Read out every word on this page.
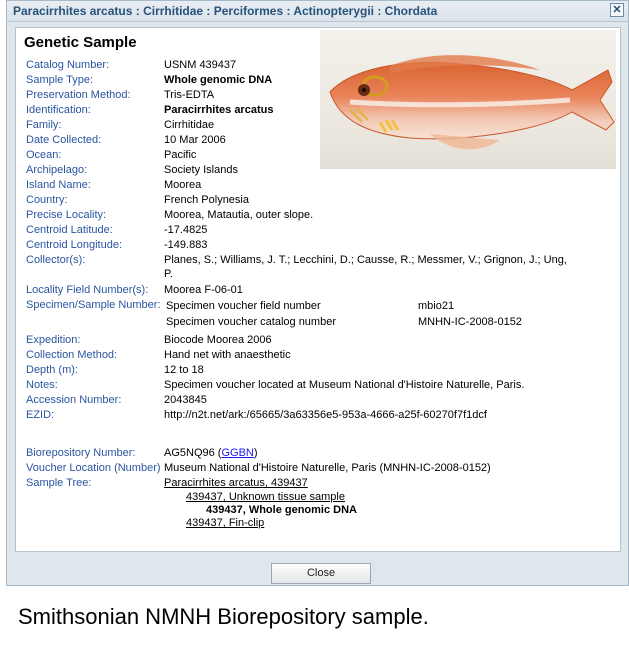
Paracirrhites arcatus : Cirrhitidae : Perciformes : Actinopterygii : Chordata	✕
Genetic Sample
Catalog Number:	USNM 439437
Sample Type:	Whole genomic DNA
Preservation Method:	Tris-EDTA
Identification:	Paracirrhites arcatus
Family:	Cirrhitidae
Date Collected:	10 Mar 2006
Ocean:	Pacific
Archipelago:	Society Islands
Island Name:	Moorea
Country:	French Polynesia
Precise Locality:	Moorea, Matautia, outer slope.
Centroid Latitude:	-17.4825
Centroid Longitude:	-149.883
Collector(s):	Planes, S.; Williams, J. T.; Lecchini, D.; Causse, R.; Messmer, V.; Grignon, J.; Ung, P.
Locality Field Number(s): Moorea F-06-01
Specimen/Sample Number: Specimen voucher field number	mbio21
Specimen voucher catalog number	MNHN-IC-2008-0152
Expedition:	Biocode Moorea 2006
Collection Method:	Hand net with anaesthetic
Depth (m):	12 to 18
Notes:	Specimen voucher located at Museum National d'Histoire Naturelle, Paris.
Accession Number:	2043845
EZID:	http://n2t.net/ark:/65665/3a63356e5-953a-4666-a25f-60270f7f1dcf
Biorepository Number:	AG5NQ96 (GGBN)
Voucher Location (Number) Museum National d'Histoire Naturelle, Paris (MNHN-IC-2008-0152)
Sample Tree:	Paracirrhites arcatus, 439437
439437, Unknown tissue sample
439437, Whole genomic DNA
439437, Fin-clip
Close
Smithsonian NMNH Biorepository sample.
